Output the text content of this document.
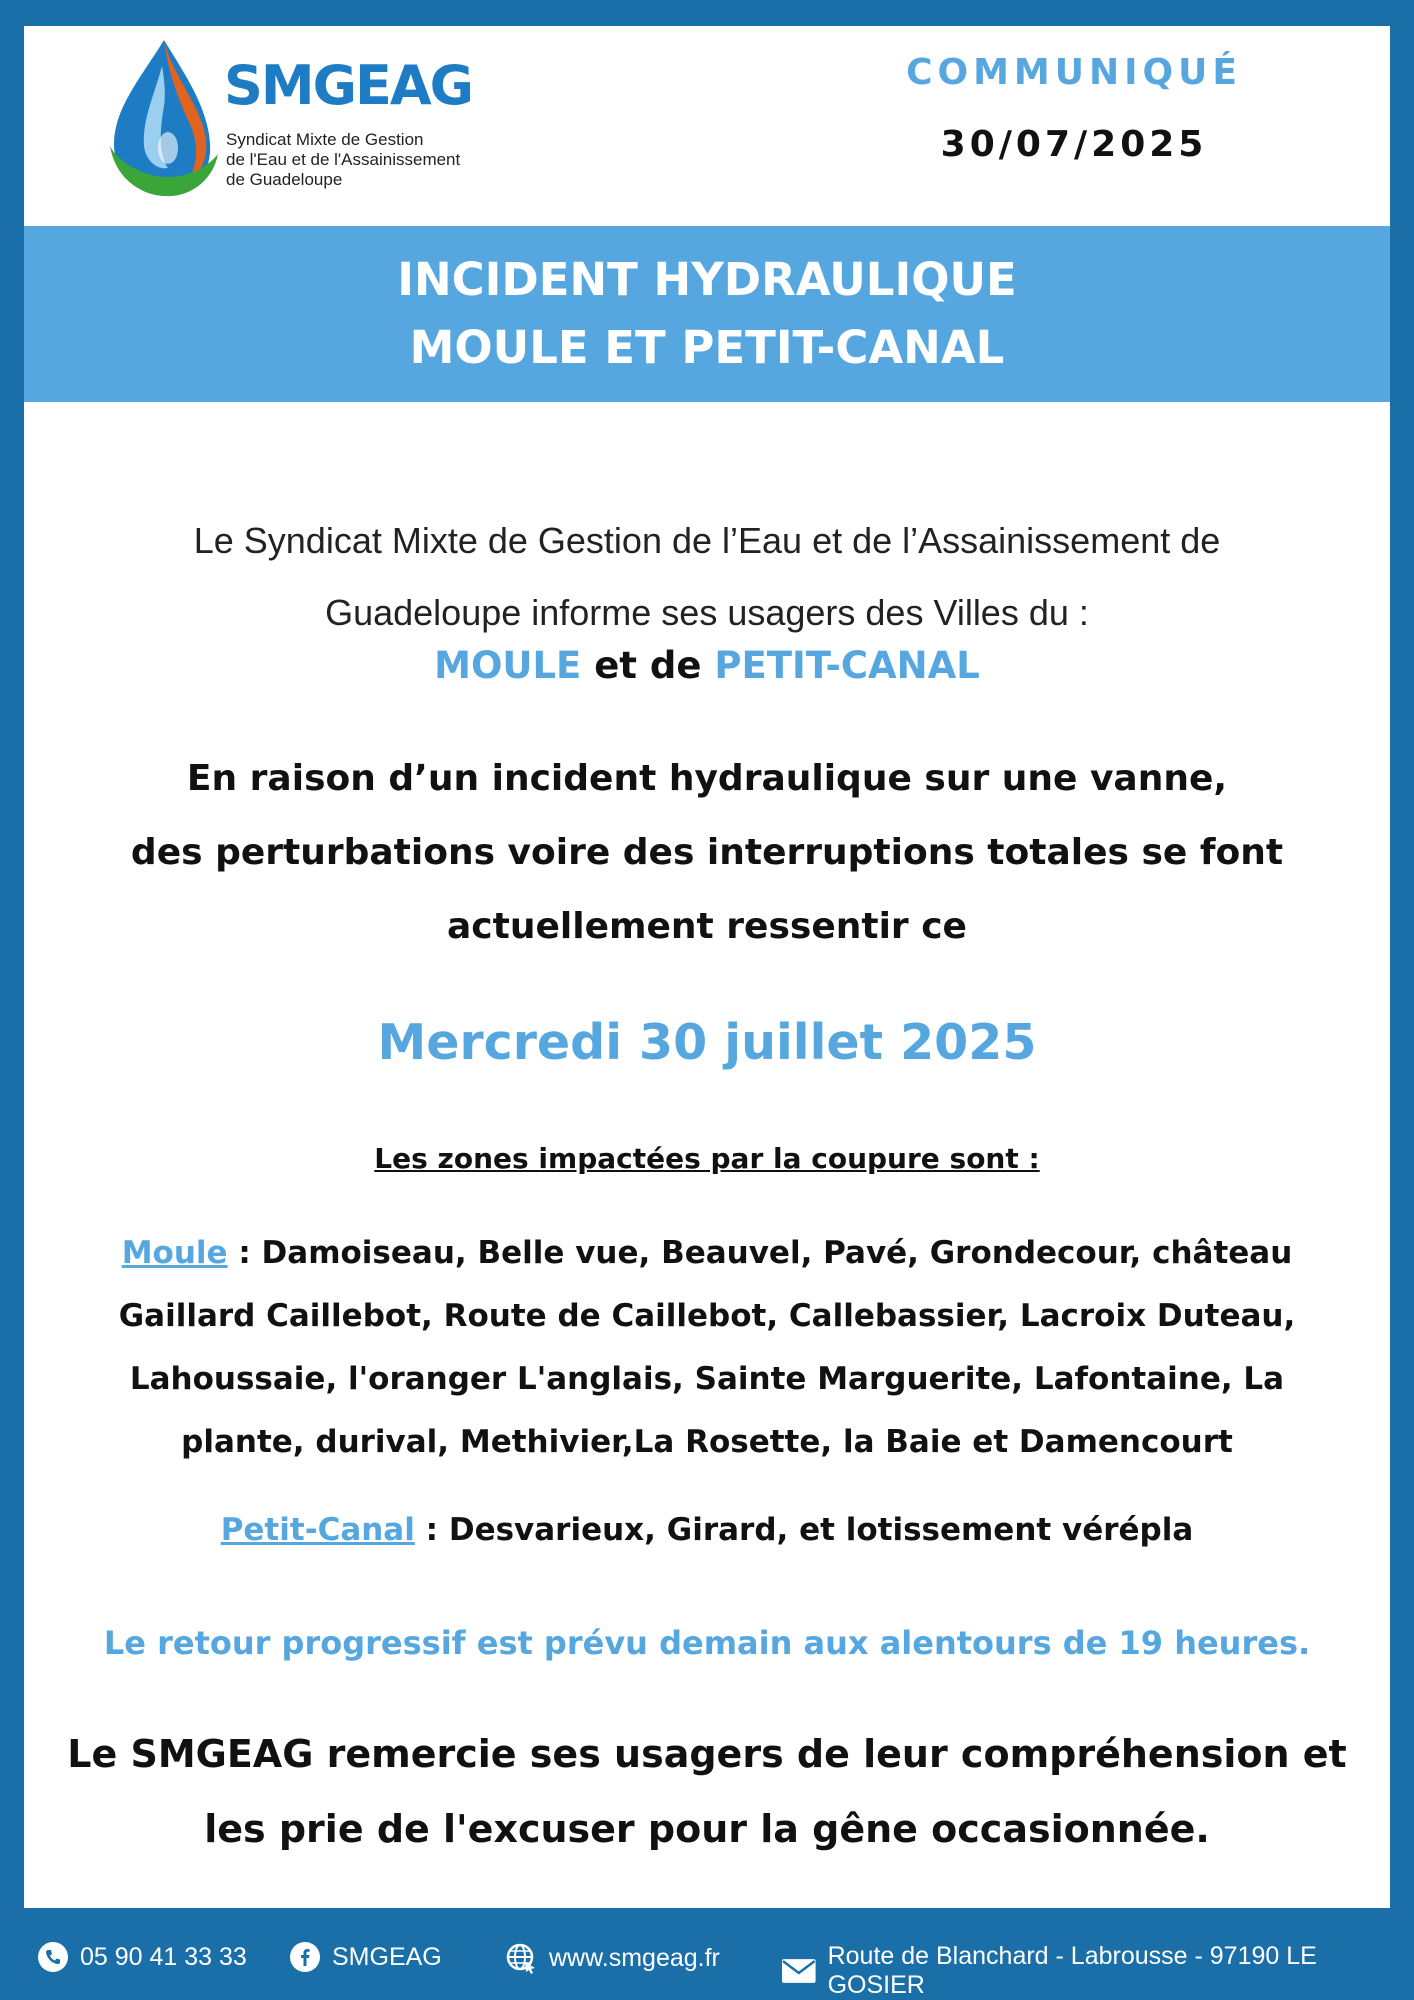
SMGEAG
Syndicat Mixte de Gestion
de l'Eau et de l'Assainissement
de Guadeloupe
COMMUNIQUÉ
30/07/2025
INCIDENT HYDRAULIQUE
MOULE ET PETIT-CANAL
Le Syndicat Mixte de Gestion de l’Eau et de l’Assainissement de
Guadeloupe informe ses usagers des Villes du :
MOULE et de PETIT-CANAL
En raison d’un incident hydraulique sur une vanne,
des perturbations voire des interruptions totales se font
actuellement ressentir ce
Mercredi 30 juillet 2025
Les zones impactées par la coupure sont :
Moule : Damoiseau, Belle vue, Beauvel, Pavé, Grondecour, château Gaillard Caillebot, Route de Caillebot, Callebassier, Lacroix Duteau, Lahoussaie, l'oranger L'anglais, Sainte Marguerite, Lafontaine, La plante, durival, Methivier,La Rosette, la Baie et Damencourt
Petit-Canal : Desvarieux, Girard, et lotissement vérépla
Le retour progressif est prévu demain aux alentours de 19 heures.
Le SMGEAG remercie ses usagers de leur compréhension et
les prie de l'excuser pour la gêne occasionnée.
05 90 41 33 33	SMGEAG	www.smgeag.fr	Route de Blanchard - Labrousse - 97190 LE GOSIER
